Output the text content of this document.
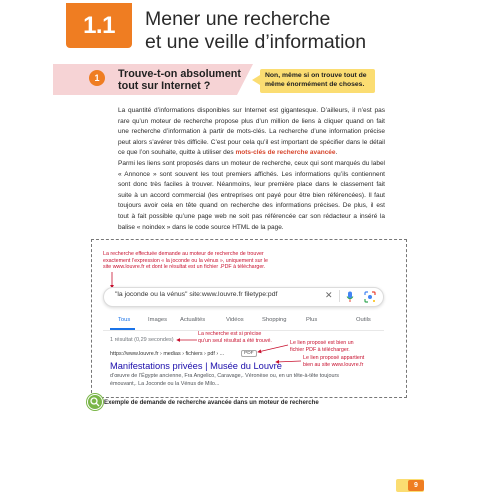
1.1 Mener une recherche
et une veille d’information
1	Trouve-t-on absolument
tout sur Internet ?
Non, même si on trouve tout de
même énormément de choses.
La quantité d’informations disponibles sur Internet est gigantesque. D’ailleurs, il n’est pas
rare qu’un moteur de recherche propose plus d’un million de liens à cliquer quand on fait
une recherche d’information à partir de mots-clés. La recherche d’une information précise
peut alors s’avérer très difficile. C’est pour cela qu’il est important de spécifier dans le détail
ce que l’on souhaite, quitte à utiliser des mots-clés de recherche avancée.
Parmi les liens sont proposés dans un moteur de recherche, ceux qui sont marqués du label
« Annonce » sont souvent les tout premiers affichés. Les informations qu’ils contiennent
sont donc très faciles à trouver. Néanmoins, leur première place dans le classement fait
suite à un accord commercial (les entreprises ont payé pour être bien référencées). Il faut
toujours avoir cela en tête quand on recherche des informations précises. De plus, il est
tout à fait possible qu’une page web ne soit pas référencée car son rédacteur a inséré la
balise « noindex » dans le code source HTML de la page.
La recherche effectuée demande au moteur de recherche de trouver
exactement l’expression « la joconde ou la vénus », uniquement sur le
site www.louvre.fr et dont le résultat est un fichier .PDF à télécharger.
"la joconde ou la vénus" site:www.louvre.fr filetype:pdf	✕
Tous	Images Actualités	Vidéos	Shopping	Plus	Outils
1 résultat (0,29 secondes)
La recherche est si précise
qu’un seul résultat a été trouvé.	Le lien proposé est bien un
fichier PDF à télécharger.
https://www.louvre.fr › medias › fichiers › pdf › ...	PDF
Le lien proposé appartient
bien au site www.louvre.fr
Manifestations privées | Musée du Louvre
d’œuvre de l’Égypte ancienne, Fra Angelico, Caravage,. Véronèse ou, en un tête-à-tête toujours
émouvant,. La Joconde ou la Vénus de Milo...
Exemple de demande de recherche avancée dans un moteur de recherche
9
